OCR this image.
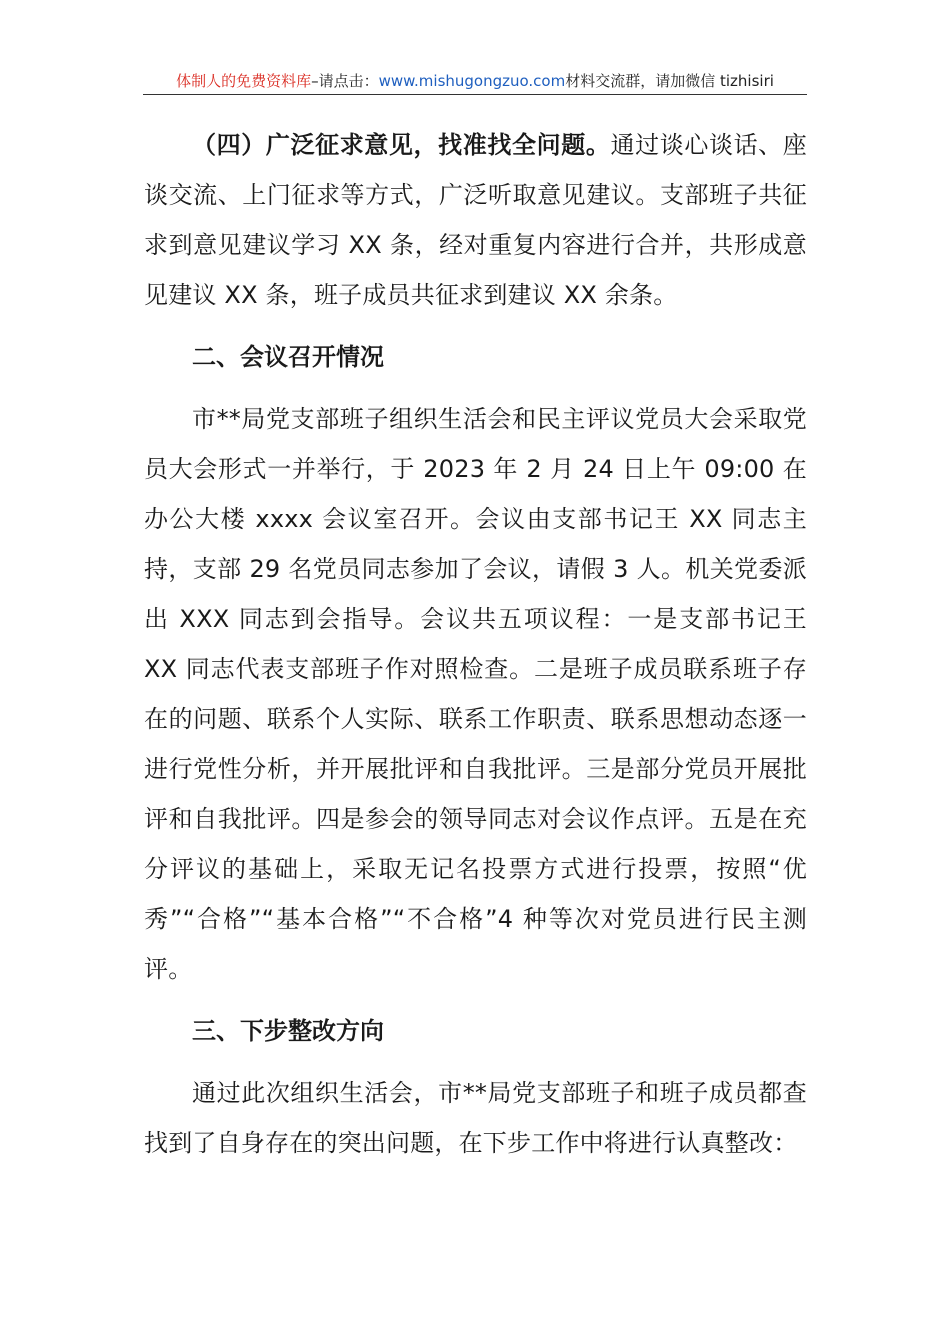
体制人的免费资料库 –请点击： www.mishugongzuo.com 材料交流群，请加微信 tizhisiri

（四）广泛征求意见，找准找全问题。通过谈心谈话、座谈交流、上门征求等方式，广泛听取意见建议。支部班子共征求到意见建议学习 XX 条，经对重复内容进行合并，共形成意见建议 XX 条，班子成员共征求到建议 XX 余条。

二、会议召开情况

市**局党支部班子组织生活会和民主评议党员大会采取党员大会形式一并举行，于 2023 年 2 月 24 日上午 09:00 在办公大楼 xxxx 会议室召开。会议由支部书记王 XX 同志主持，支部 29 名党员同志参加了会议，请假 3 人。机关党委派出 XXX 同志到会指导。会议共五项议程：一是支部书记王 XX 同志代表支部班子作对照检查。二是班子成员联系班子存在的问题、联系个人实际、联系工作职责、联系思想动态逐一进行党性分析，并开展批评和自我批评。三是部分党员开展批评和自我批评。四是参会的领导同志对会议作点评。五是在充分评议的基础上，采取无记名投票方式进行投票，按照“优秀”“合格”“基本合格”“不合格”4 种等次对党员进行民主测评。

三、下步整改方向

通过此次组织生活会，市**局党支部班子和班子成员都查找到了自身存在的突出问题，在下步工作中将进行认真整改：
